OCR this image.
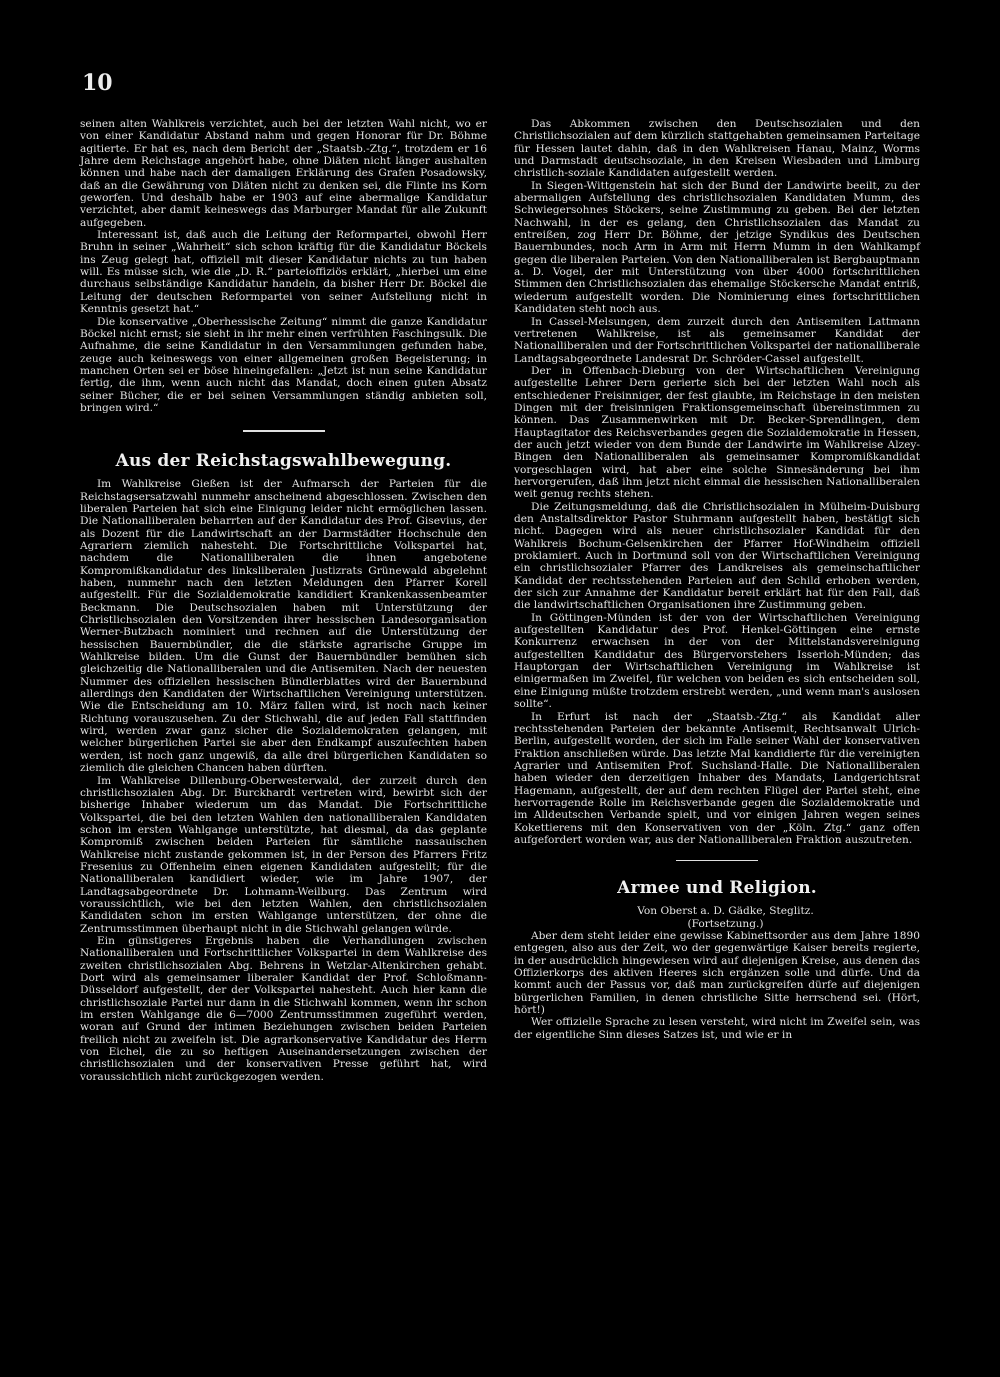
10

seinen alten Wahlkreis verzichtet, auch bei der letzten Wahl nicht, wo er von einer Kandidatur Abstand nahm und gegen Honorar für Dr. Böhme agitierte. Er hat es, nach dem Bericht der „Staatsb.-Ztg.“, trotzdem er 16 Jahre dem Reichstage angehört habe, ohne Diäten nicht länger aushalten können und habe nach der damaligen Erklärung des Grafen Posadowsky, daß an die Gewährung von Diäten nicht zu denken sei, die Flinte ins Korn geworfen. Und deshalb habe er 1903 auf eine abermalige Kandidatur verzichtet, aber damit keineswegs das Marburger Mandat für alle Zukunft aufgegeben.

Interessant ist, daß auch die Leitung der Reformpartei, obwohl Herr Bruhn in seiner „Wahrheit“ sich schon kräftig für die Kandidatur Böckels ins Zeug gelegt hat, offiziell mit dieser Kandidatur nichts zu tun haben will. Es müsse sich, wie die „D. R.“ parteioffiziös erklärt, „hierbei um eine durchaus selbständige Kandidatur handeln, da bisher Herr Dr. Böckel die Leitung der deutschen Reformpartei von seiner Aufstellung nicht in Kenntnis gesetzt hat.“

Die konservative „Oberhessische Zeitung“ nimmt die ganze Kandidatur Böckel nicht ernst; sie sieht in ihr mehr einen verfrühten Faschingsulk. Die Aufnahme, die seine Kandidatur in den Versammlungen gefunden habe, zeuge auch keineswegs von einer allgemeinen großen Begeisterung; in manchen Orten sei er böse hineingefallen: „Jetzt ist nun seine Kandidatur fertig, die ihm, wenn auch nicht das Mandat, doch einen guten Absatz seiner Bücher, die er bei seinen Versammlungen ständig anbieten soll, bringen wird.“

Aus der Reichstagswahlbewegung.

Im Wahlkreise Gießen ist der Aufmarsch der Parteien für die Reichstagsersatzwahl nunmehr anscheinend abgeschlossen. Zwischen den liberalen Parteien hat sich eine Einigung leider nicht ermöglichen lassen. Die Nationalliberalen beharrten auf der Kandidatur des Prof. Gisevius, der als Dozent für die Landwirtschaft an der Darmstädter Hochschule den Agrariern ziemlich nahesteht. Die Fortschrittliche Volkspartei hat, nachdem die Nationalliberalen die ihnen angebotene Kompromißkandidatur des linksliberalen Justizrats Grünewald abgelehnt haben, nunmehr nach den letzten Meldungen den Pfarrer Korell aufgestellt. Für die Sozialdemokratie kandidiert Krankenkassenbeamter Beckmann. Die Deutschsozialen haben mit Unterstützung der Christlichsozialen den Vorsitzenden ihrer hessischen Landesorganisation Werner-Butzbach nominiert und rechnen auf die Unterstützung der hessischen Bauernbündler, die die stärkste agrarische Gruppe im Wahlkreise bilden. Um die Gunst der Bauernbündler bemühen sich gleichzeitig die Nationalliberalen und die Antisemiten. Nach der neuesten Nummer des offiziellen hessischen Bündlerblattes wird der Bauernbund allerdings den Kandidaten der Wirtschaftlichen Vereinigung unterstützen. Wie die Entscheidung am 10. März fallen wird, ist noch nach keiner Richtung vorauszusehen. Zu der Stichwahl, die auf jeden Fall stattfinden wird, werden zwar ganz sicher die Sozialdemokraten gelangen, mit welcher bürgerlichen Partei sie aber den Endkampf auszufechten haben werden, ist noch ganz ungewiß, da alle drei bürgerlichen Kandidaten so ziemlich die gleichen Chancen haben dürften.

Im Wahlkreise Dillenburg-Oberwesterwald, der zurzeit durch den christlichsozialen Abg. Dr. Burckhardt vertreten wird, bewirbt sich der bisherige Inhaber wiederum um das Mandat. Die Fortschrittliche Volkspartei, die bei den letzten Wahlen den nationalliberalen Kandidaten schon im ersten Wahlgange unterstützte, hat diesmal, da das geplante Kompromiß zwischen beiden Parteien für sämtliche nassauischen Wahlkreise nicht zustande gekommen ist, in der Person des Pfarrers Fritz Fresenius zu Offenheim einen eigenen Kandidaten aufgestellt; für die Nationalliberalen kandidiert wieder, wie im Jahre 1907, der Landtagsabgeordnete Dr. Lohmann-Weilburg. Das Zentrum wird voraussichtlich, wie bei den letzten Wahlen, den christlichsozialen Kandidaten schon im ersten Wahlgange unterstützen, der ohne die Zentrumsstimmen überhaupt nicht in die Stichwahl gelangen würde.

Ein günstigeres Ergebnis haben die Verhandlungen zwischen Nationalliberalen und Fortschrittlicher Volkspartei in dem Wahlkreise des zweiten christlichsozialen Abg. Behrens in Wetzlar-Altenkirchen gehabt. Dort wird als gemeinsamer liberaler Kandidat der Prof. Schloßmann-Düsseldorf aufgestellt, der der Volkspartei nahesteht. Auch hier kann die christlichsoziale Partei nur dann in die Stichwahl kommen, wenn ihr schon im ersten Wahlgange die 6—7000 Zentrumsstimmen zugeführt werden, woran auf Grund der intimen Beziehungen zwischen beiden Parteien freilich nicht zu zweifeln ist. Die agrarkonservative Kandidatur des Herrn von Eichel, die zu so heftigen Auseinandersetzungen zwischen der christlichsozialen und der konservativen Presse geführt hat, wird voraussichtlich nicht zurückgezogen werden.

Das Abkommen zwischen den Deutschsozialen und den Christlichsozialen auf dem kürzlich stattgehabten gemeinsamen Parteitage für Hessen lautet dahin, daß in den Wahlkreisen Hanau, Mainz, Worms und Darmstadt deutschsoziale, in den Kreisen Wiesbaden und Limburg christlich-soziale Kandidaten aufgestellt werden.

In Siegen-Wittgenstein hat sich der Bund der Landwirte beeilt, zu der abermaligen Aufstellung des christlichsozialen Kandidaten Mumm, des Schwiegersohnes Stöckers, seine Zustimmung zu geben. Bei der letzten Nachwahl, in der es gelang, den Christlichsozialen das Mandat zu entreißen, zog Herr Dr. Böhme, der jetzige Syndikus des Deutschen Bauernbundes, noch Arm in Arm mit Herrn Mumm in den Wahlkampf gegen die liberalen Parteien. Von den Nationalliberalen ist Bergbauptmann a. D. Vogel, der mit Unterstützung von über 4000 fortschrittlichen Stimmen den Christlichsozialen das ehemalige Stöckersche Mandat entriß, wiederum aufgestellt worden. Die Nominierung eines fortschrittlichen Kandidaten steht noch aus.

In Cassel-Melsungen, dem zurzeit durch den Antisemiten Lattmann vertretenen Wahlkreise, ist als gemeinsamer Kandidat der Nationalliberalen und der Fortschrittlichen Volkspartei der nationalliberale Landtagsabgeordnete Landesrat Dr. Schröder-Cassel aufgestellt.

Der in Offenbach-Dieburg von der Wirtschaftlichen Vereinigung aufgestellte Lehrer Dern gerierte sich bei der letzten Wahl noch als entschiedener Freisinniger, der fest glaubte, im Reichstage in den meisten Dingen mit der freisinnigen Fraktionsgemeinschaft übereinstimmen zu können. Das Zusammenwirken mit Dr. Becker-Sprendlingen, dem Hauptagitator des Reichsverbandes gegen die Sozialdemokratie in Hessen, der auch jetzt wieder von dem Bunde der Landwirte im Wahlkreise Alzey-Bingen den Nationalliberalen als gemeinsamer Kompromißkandidat vorgeschlagen wird, hat aber eine solche Sinnesänderung bei ihm hervorgerufen, daß ihm jetzt nicht einmal die hessischen Nationalliberalen weit genug rechts stehen.

Die Zeitungsmeldung, daß die Christlichsozialen in Mülheim-Duisburg den Anstaltsdirektor Pastor Stuhrmann aufgestellt haben, bestätigt sich nicht. Dagegen wird als neuer christlichsozialer Kandidat für den Wahlkreis Bochum-Gelsenkirchen der Pfarrer Hof-Windheim offiziell proklamiert. Auch in Dortmund soll von der Wirtschaftlichen Vereinigung ein christlichsozialer Pfarrer des Landkreises als gemeinschaftlicher Kandidat der rechtsstehenden Parteien auf den Schild erhoben werden, der sich zur Annahme der Kandidatur bereit erklärt hat für den Fall, daß die landwirtschaftlichen Organisationen ihre Zustimmung geben.

In Göttingen-Münden ist der von der Wirtschaftlichen Vereinigung aufgestellten Kandidatur des Prof. Henkel-Göttingen eine ernste Konkurrenz erwachsen in der von der Mittelstandsvereinigung aufgestellten Kandidatur des Bürgervorstehers Isserloh-Münden; das Hauptorgan der Wirtschaftlichen Vereinigung im Wahlkreise ist einigermaßen im Zweifel, für welchen von beiden es sich entscheiden soll, eine Einigung müßte trotzdem erstrebt werden, „und wenn man's auslosen sollte“.

In Erfurt ist nach der „Staatsb.-Ztg.“ als Kandidat aller rechtsstehenden Parteien der bekannte Antisemit, Rechtsanwalt Ulrich-Berlin, aufgestellt worden, der sich im Falle seiner Wahl der konservativen Fraktion anschließen würde. Das letzte Mal kandidierte für die vereinigten Agrarier und Antisemiten Prof. Suchsland-Halle. Die Nationalliberalen haben wieder den derzeitigen Inhaber des Mandats, Landgerichtsrat Hagemann, aufgestellt, der auf dem rechten Flügel der Partei steht, eine hervorragende Rolle im Reichsverbande gegen die Sozialdemokratie und im Alldeutschen Verbande spielt, und vor einigen Jahren wegen seines Kokettierens mit den Konservativen von der „Köln. Ztg.“ ganz offen aufgefordert worden war, aus der Nationalliberalen Fraktion auszutreten.

Armee und Religion.

Von Oberst a. D. Gädke, Steglitz.

(Fortsetzung.)

Aber dem steht leider eine gewisse Kabinettsorder aus dem Jahre 1890 entgegen, also aus der Zeit, wo der gegenwärtige Kaiser bereits regierte, in der ausdrücklich hingewiesen wird auf diejenigen Kreise, aus denen das Offizierkorps des aktiven Heeres sich ergänzen solle und dürfe. Und da kommt auch der Passus vor, daß man zurückgreifen dürfe auf diejenigen bürgerlichen Familien, in denen christliche Sitte herrschend sei. (Hört, hört!)

Wer offizielle Sprache zu lesen versteht, wird nicht im Zweifel sein, was der eigentliche Sinn dieses Satzes ist, und wie er in
